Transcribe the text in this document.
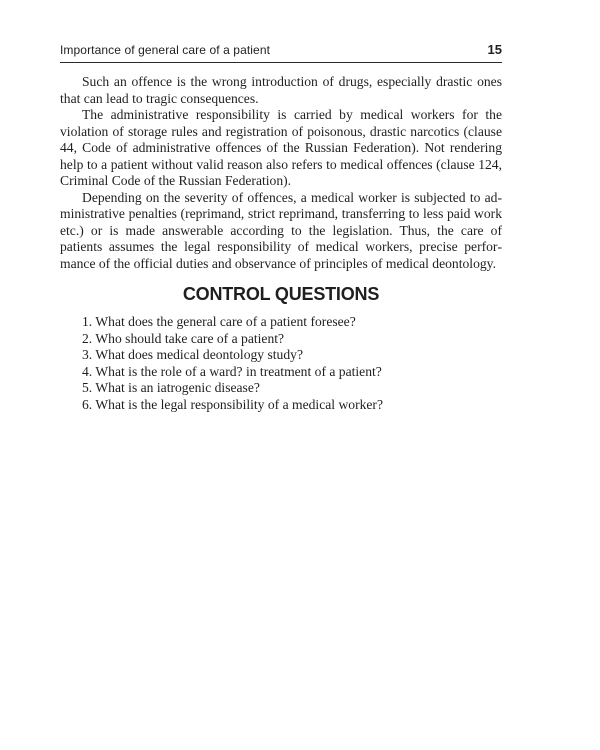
Importance of general care of a patient	15

Such an offence is the wrong introduction of drugs, especially drastic ones that can lead to tragic consequences.

The administrative responsibility is carried by medical workers for the violation of storage rules and registration of poisonous, drastic narcotics (clause 44, Code of administrative offences of the Russian Federation). Not rendering help to a patient without valid reason also refers to medical offences (clause 124, Criminal Code of the Russian Federation).

Depending on the severity of offences, a medical worker is subjected to administrative penalties (reprimand, strict reprimand, transferring to less paid work etc.) or is made answerable according to the legislation. Thus, the care of patients assumes the legal responsibility of medical workers, precise performance of the official duties and observance of principles of medical deontology.

CONTROL QUESTIONS
1. What does the general care of a patient foresee?
2. Who should take care of a patient?
3. What does medical deontology study?
4. What is the role of a ward? in treatment of a patient?
5. What is an iatrogenic disease?
6. What is the legal responsibility of a medical worker?
